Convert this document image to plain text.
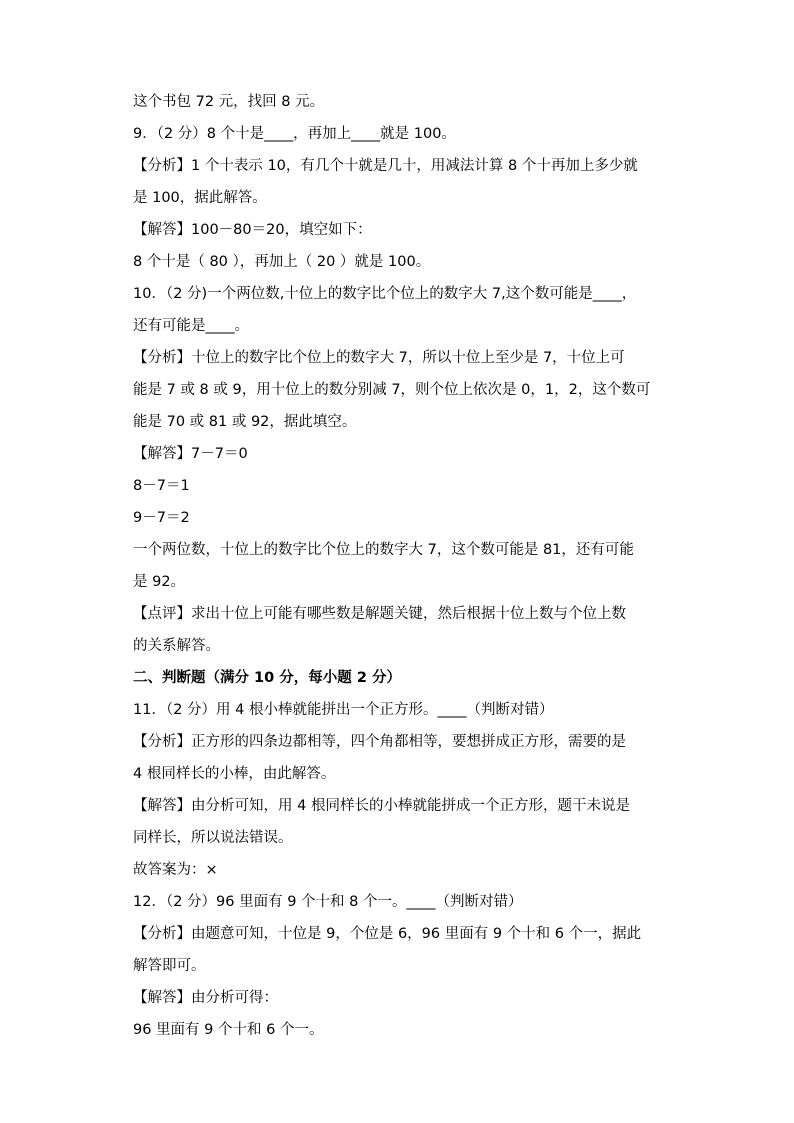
这个书包 72 元，找回 8 元。
9．（2 分）8 个十是____，再加上____就是 100。
【分析】1 个十表示 10，有几个十就是几十，用减法计算 8 个十再加上多少就
是 100，据此解答。
【解答】100－80＝20，填空如下：
8 个十是（ 80 ），再加上（ 20 ）就是 100。
10．（2 分)一个两位数,十位上的数字比个位上的数字大 7,这个数可能是____，
还有可能是____。
【分析】十位上的数字比个位上的数字大 7，所以十位上至少是 7，十位上可
能是 7 或 8 或 9，用十位上的数分别减 7，则个位上依次是 0，1，2，这个数可
能是 70 或 81 或 92，据此填空。
【解答】7－7＝0
8－7＝1
9－7＝2
一个两位数，十位上的数字比个位上的数字大 7，这个数可能是 81，还有可能
是 92。
【点评】求出十位上可能有哪些数是解题关键，然后根据十位上数与个位上数
的关系解答。
二、判断题（满分 10 分，每小题 2 分）
11．（2 分）用 4 根小棒就能拼出一个正方形。____（判断对错）
【分析】正方形的四条边都相等，四个角都相等，要想拼成正方形，需要的是
4 根同样长的小棒，由此解答。
【解答】由分析可知，用 4 根同样长的小棒就能拼成一个正方形，题干未说是
同样长，所以说法错误。
故答案为：×
12．（2 分）96 里面有 9 个十和 8 个一。____（判断对错）
【分析】由题意可知，十位是 9，个位是 6，96 里面有 9 个十和 6 个一，据此
解答即可。
【解答】由分析可得：
96 里面有 9 个十和 6 个一。
